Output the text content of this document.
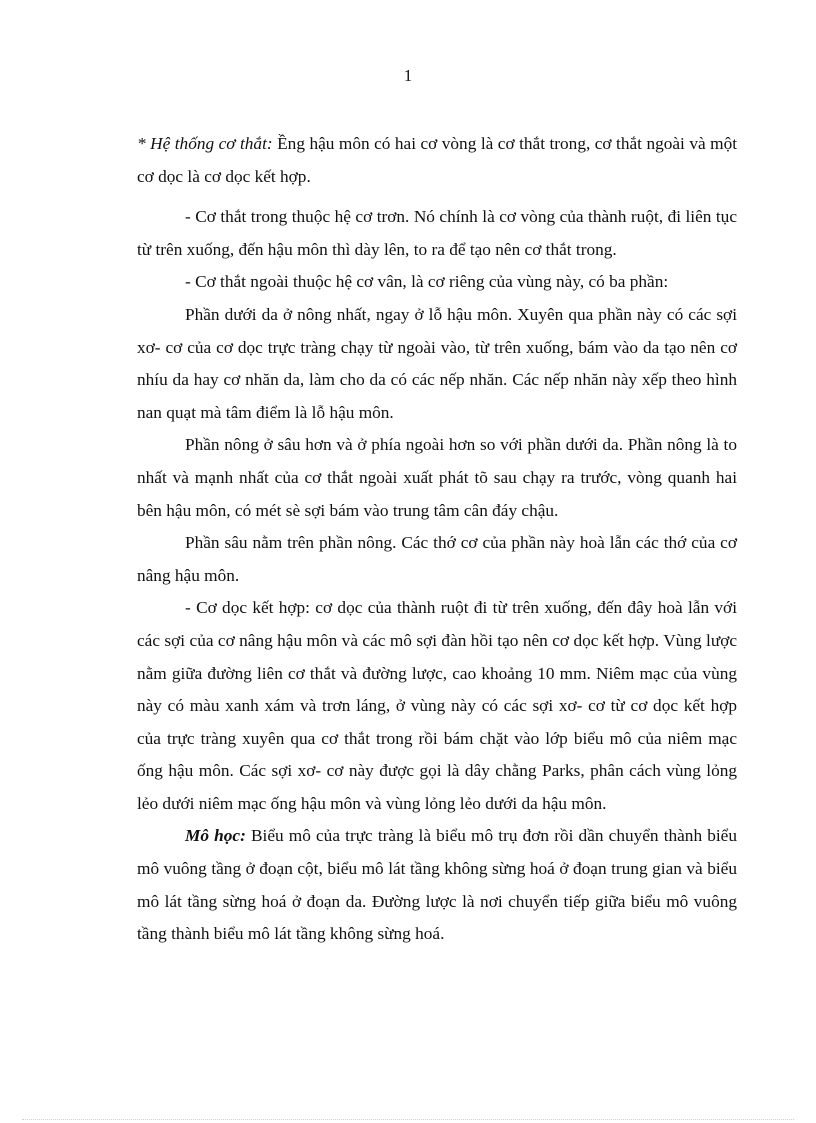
1

* Hệ thống cơ thắt: Ềng hậu môn có hai cơ vòng là cơ thắt trong, cơ thắt ngoài và một cơ dọc là cơ dọc kết hợp.

- Cơ thắt trong thuộc hệ cơ trơn. Nó chính là cơ vòng của thành ruột, đi liên tục từ trên xuống, đến hậu môn thì dày lên, to ra để tạo nên cơ thắt trong.

- Cơ thắt ngoài thuộc hệ cơ vân, là cơ riêng của vùng này, có ba phần:

Phần dưới da ở nông nhất, ngay ở lỗ hậu môn. Xuyên qua phần này có các sợi xơ- cơ của cơ dọc trực tràng chạy từ ngoài vào, từ trên xuống, bám vào da tạo nên cơ nhíu da hay cơ nhăn da, làm cho da có các nếp nhăn. Các nếp nhăn này xếp theo hình nan quạt mà tâm điểm là lỗ hậu môn.

Phần nông ở sâu hơn và ở phía ngoài hơn so với phần dưới da. Phần nông là to nhất và mạnh nhất của cơ thắt ngoài xuất phát tõ sau chạy ra trước, vòng quanh hai bên hậu môn, có mét sè sợi bám vào trung tâm cân đáy chậu.

Phần sâu nằm trên phần nông. Các thớ cơ của phần này hoà lẫn các thớ của cơ nâng hậu môn.

- Cơ dọc kết hợp: cơ dọc của thành ruột đi từ trên xuống, đến đây hoà lẫn với các sợi của cơ nâng hậu môn và các mô sợi đàn hồi tạo nên cơ dọc kết hợp. Vùng lược nằm giữa đường liên cơ thắt và đường lược, cao khoảng 10 mm. Niêm mạc của vùng này có màu xanh xám và trơn láng, ở vùng này có các sợi xơ- cơ từ cơ dọc kết hợp của trực tràng xuyên qua cơ thắt trong rồi bám chặt vào lớp biểu mô của niêm mạc ống hậu môn. Các sợi xơ- cơ này được gọi là dây chằng Parks, phân cách vùng lỏng lẻo dưới niêm mạc ống hậu môn và vùng lỏng lẻo dưới da hậu môn.

Mô học: Biểu mô của trực tràng là biểu mô trụ đơn rồi dần chuyển thành biểu mô vuông tầng ở đoạn cột, biểu mô lát tầng không sừng hoá ở đoạn trung gian và biểu mô lát tầng sừng hoá ở đoạn da. Đường lược là nơi chuyển tiếp giữa biểu mô vuông tầng thành biểu mô lát tầng không sừng hoá.
